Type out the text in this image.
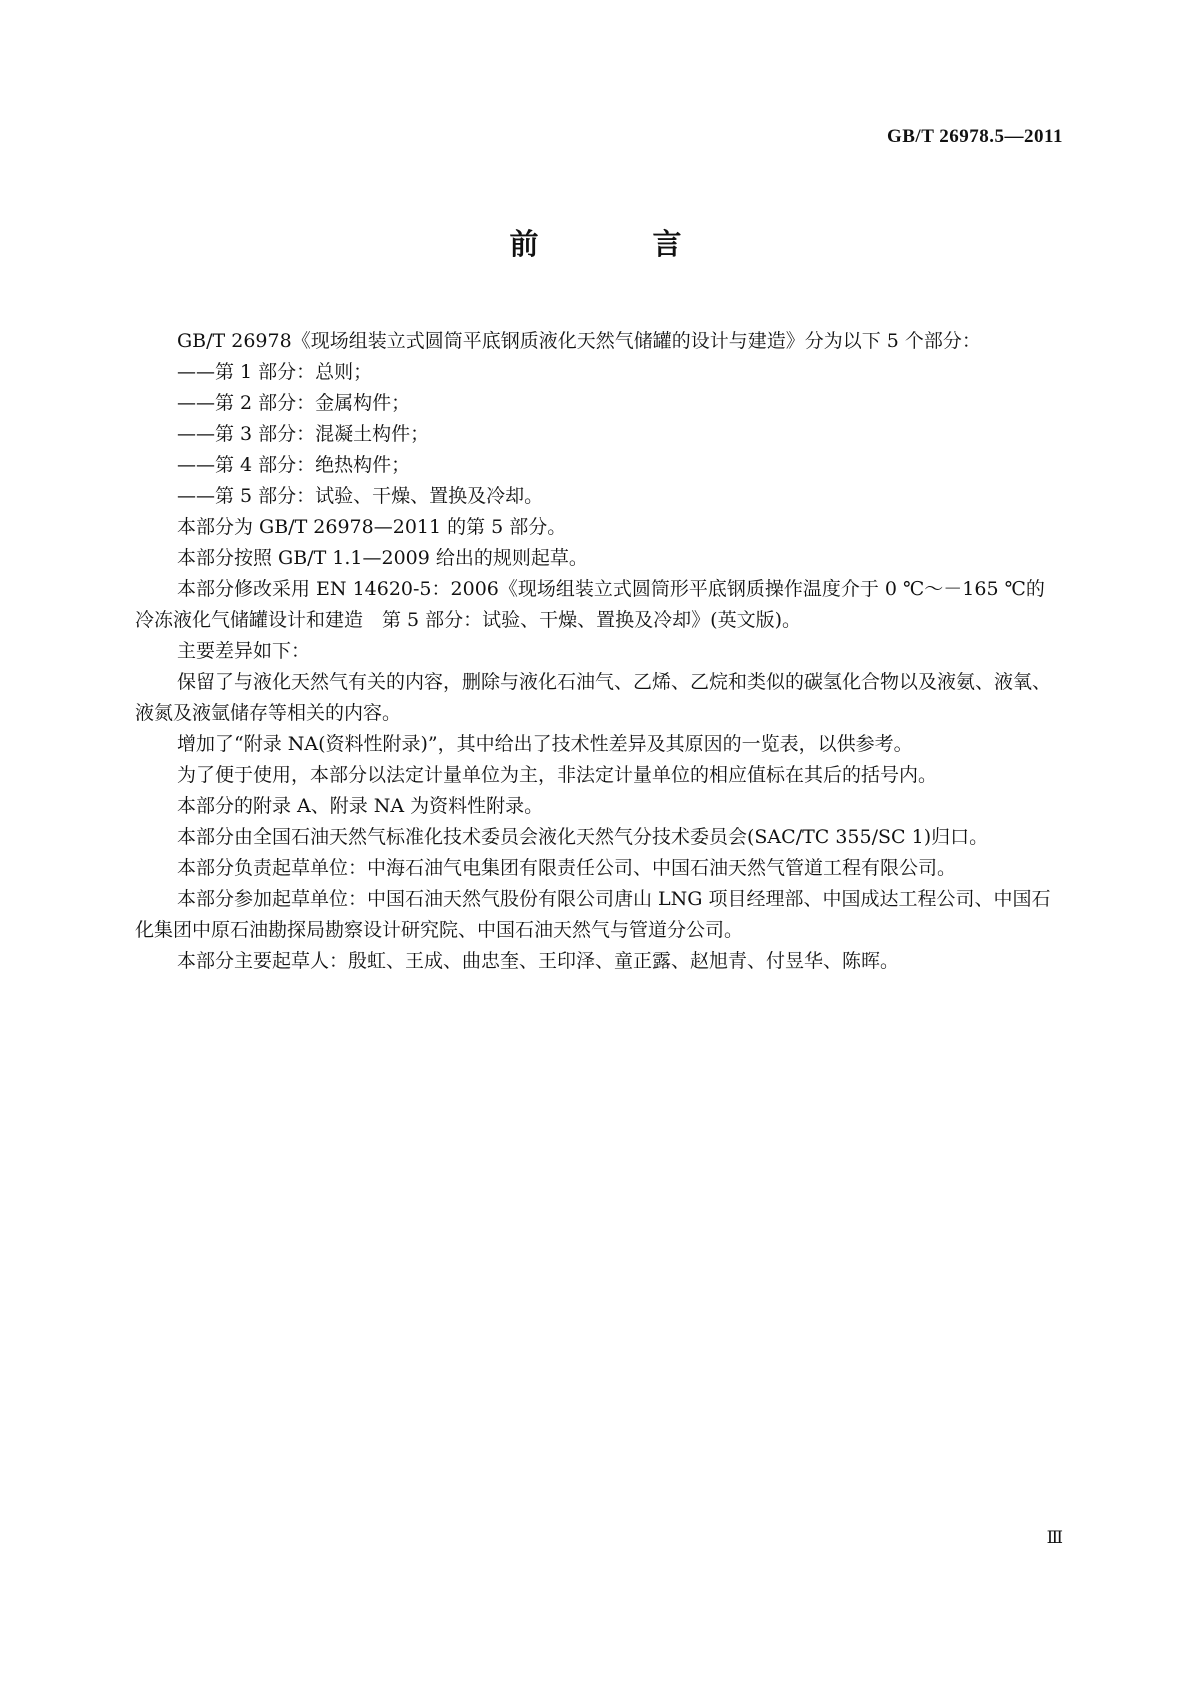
GB/T 26978.5—2011
前 言

GB/T 26978《现场组装立式圆筒平底钢质液化天然气储罐的设计与建造》分为以下 5 个部分：

——第 1 部分：总则；

——第 2 部分：金属构件；

——第 3 部分：混凝土构件；

——第 4 部分：绝热构件；

——第 5 部分：试验、干燥、置换及冷却。

本部分为 GB/T 26978—2011 的第 5 部分。

本部分按照 GB/T 1.1—2009 给出的规则起草。

本部分修改采用 EN 14620-5：2006《现场组装立式圆筒形平底钢质操作温度介于 0 ℃～－165 ℃的冷冻液化气储罐设计和建造　第 5 部分：试验、干燥、置换及冷却》(英文版)。

主要差异如下：

保留了与液化天然气有关的内容，删除与液化石油气、乙烯、乙烷和类似的碳氢化合物以及液氨、液氧、液氮及液氩储存等相关的内容。

增加了“附录 NA(资料性附录)”，其中给出了技术性差异及其原因的一览表，以供参考。

为了便于使用，本部分以法定计量单位为主，非法定计量单位的相应值标在其后的括号内。

本部分的附录 A、附录 NA 为资料性附录。

本部分由全国石油天然气标准化技术委员会液化天然气分技术委员会(SAC/TC 355/SC 1)归口。

本部分负责起草单位：中海石油气电集团有限责任公司、中国石油天然气管道工程有限公司。

本部分参加起草单位：中国石油天然气股份有限公司唐山 LNG 项目经理部、中国成达工程公司、中国石化集团中原石油勘探局勘察设计研究院、中国石油天然气与管道分公司。

本部分主要起草人：殷虹、王成、曲忠奎、王印泽、童正露、赵旭青、付昱华、陈晖。

Ⅲ
